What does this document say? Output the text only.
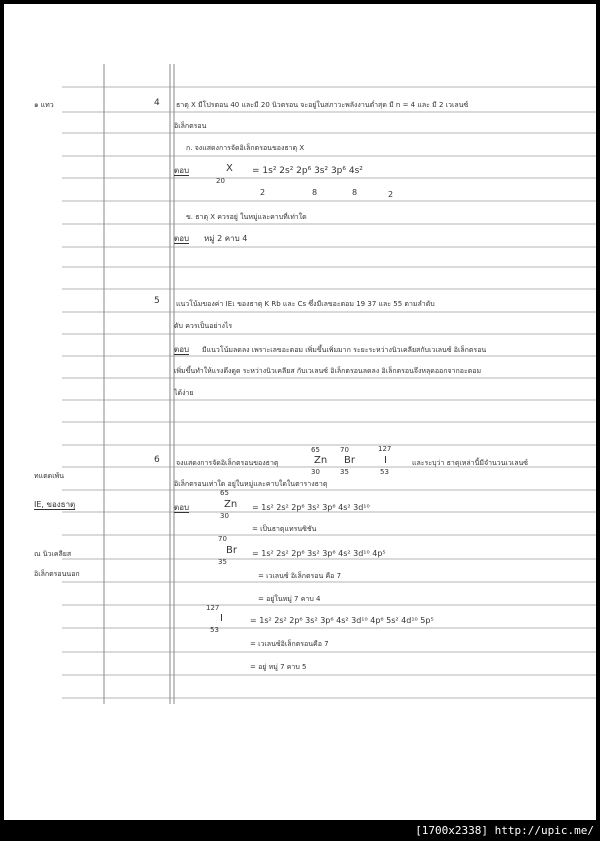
๑ แทว
ทแตดเพ้น
IE, ของธาตุ
ณ นิวเคลียส
อิเล็กตรอนนอก
4 ธาตุ X มีโปรตอน 40 และมี 20 นิวตรอน จะอยู่ในสภาวะพลังงานต่ำสุด มี n = 4 และ มี 2 เวเลนซ์
อิเล็กตรอน
ก. จงแสดงการจัดอิเล็กตรอนของธาตุ X
ตอบ	X
20
= 1s² 2s² 2p⁶ 3s² 3p⁶ 4s²
2	8	8	2
ข. ธาตุ X ควรอยู่ ในหมู่และคาบที่เท่าใด
ตอบ หมู่ 2 คาบ 4
5 แนวโน้มของค่า IE₁ ของธาตุ K Rb และ Cs ซึ่งมีเลขอะตอม 19 37 และ 55 ตามลำดับ
ดับ ควรเป็นอย่างไร
ตอบ มีแนวโน้มลดลง เพราะเลขอะตอม เพิ่มขึ้นเพิ่มมาก ระยะระหว่างนิวเคลียสกับเวเลนซ์ อิเล็กตรอน
เพิ่มขึ้นทำให้แรงดึงดูด ระหว่างนิวเคลียส กับเวเลนซ์ อิเล็กตรอนลดลง อิเล็กตรอนจึงหลุดออกจากอะตอม
ได้ง่าย
6 จงแสดงการจัดอิเล็กตรอนของธาตุ
65
Zn
30
70
Br
35
127
I
53
และระบุว่า ธาตุเหล่านี้มีจำนวนเวเลนซ์
อิเล็กตรอนเท่าใด อยู่ในหมู่และคาบใดในตารางธาตุ
ตอบ
65
Zn
30
= 1s² 2s² 2p⁶ 3s² 3p⁶ 4s² 3d¹⁰
= เป็นธาตุแทรนซิชัน
70
Br
35
= 1s² 2s² 2p⁶ 3s² 3p⁶ 4s² 3d¹⁰ 4p⁵
= เวเลนซ์ อิเล็กตรอน คือ 7
= อยู่ในหมู่ 7 คาบ 4
127
I
53
= 1s² 2s² 2p⁶ 3s² 3p⁶ 4s² 3d¹⁰ 4p⁶ 5s² 4d¹⁰ 5p⁵
= เวเลนซ์อิเล็กตรอนคือ 7
= อยู่ หมู่ 7 คาบ 5
[1700x2338] http://upic.me/
